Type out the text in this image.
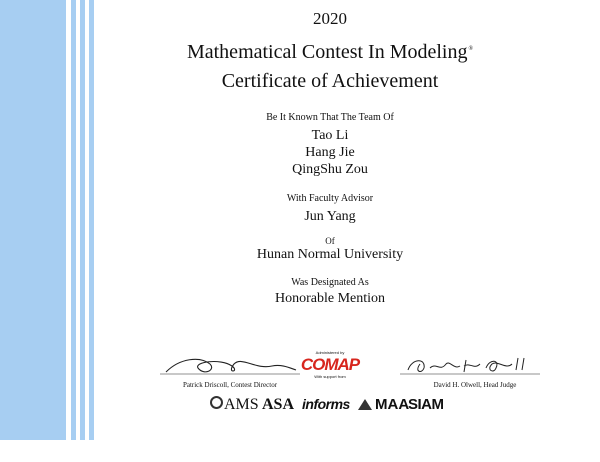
2020
Mathematical Contest In Modeling®
Certificate of Achievement
Be It Known That The Team Of
Tao Li
Hang Jie
QingShu Zou
With Faculty Advisor
Jun Yang
Of
Hunan Normal University
Was Designated As
Honorable Mention
Patrick Driscoll, Contest Director
Administered by
COMAP
With support from
David H. Olwell, Head Judge
AMS ASA informs	MAA
SIAM
